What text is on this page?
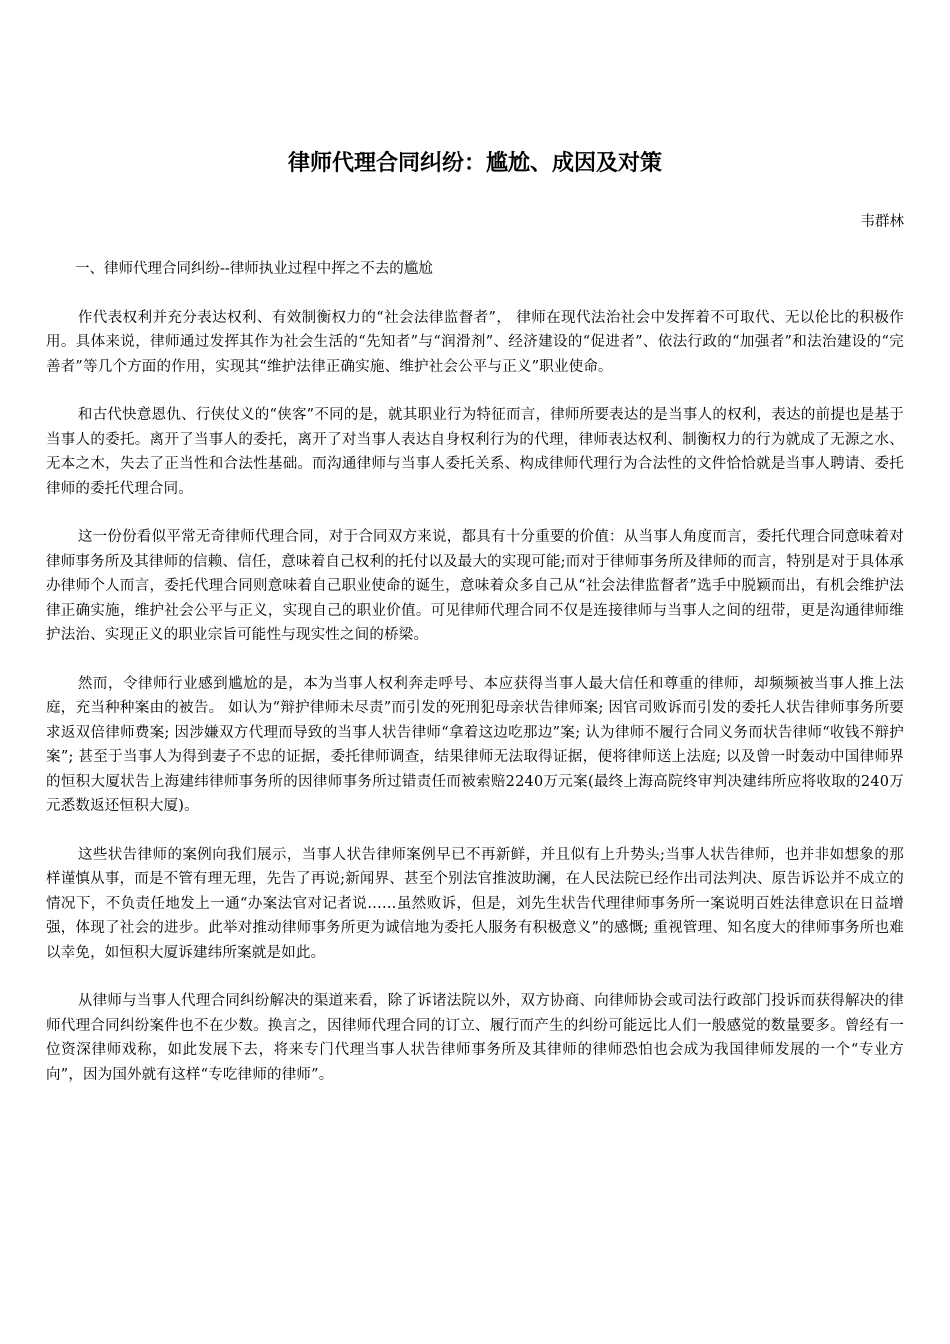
律师代理合同纠纷：尴尬、成因及对策

韦群林

一、律师代理合同纠纷--律师执业过程中挥之不去的尴尬

作代表权利并充分表达权利、有效制衡权力的“社会法律监督者”， 律师在现代法治社会中发挥着不可取代、无以伦比的积极作用。具体来说，律师通过发挥其作为社会生活的“先知者”与“润滑剂”、经济建设的“促进者”、依法行政的“加强者”和法治建设的“完善者”等几个方面的作用，实现其“维护法律正确实施、维护社会公平与正义”职业使命。

和古代快意恩仇、行侠仗义的“侠客”不同的是，就其职业行为特征而言，律师所要表达的是当事人的权利，表达的前提也是基于当事人的委托。离开了当事人的委托，离开了对当事人表达自身权利行为的代理，律师表达权利、制衡权力的行为就成了无源之水、无本之木，失去了正当性和合法性基础。而沟通律师与当事人委托关系、构成律师代理行为合法性的文件恰恰就是当事人聘请、委托律师的委托代理合同。

这一份份看似平常无奇律师代理合同，对于合同双方来说，都具有十分重要的价值：从当事人角度而言，委托代理合同意味着对律师事务所及其律师的信赖、信任，意味着自己权利的托付以及最大的实现可能;而对于律师事务所及律师的而言，特别是对于具体承办律师个人而言，委托代理合同则意味着自己职业使命的诞生，意味着众多自己从“社会法律监督者”选手中脱颖而出，有机会维护法律正确实施，维护社会公平与正义，实现自己的职业价值。可见律师代理合同不仅是连接律师与当事人之间的纽带，更是沟通律师维护法治、实现正义的职业宗旨可能性与现实性之间的桥梁。

然而，令律师行业感到尴尬的是，本为当事人权利奔走呼号、本应获得当事人最大信任和尊重的律师，却频频被当事人推上法庭，充当种种案由的被告。 如认为“辩护律师未尽责”而引发的死刑犯母亲状告律师案; 因官司败诉而引发的委托人状告律师事务所要求返双倍律师费案; 因涉嫌双方代理而导致的当事人状告律师“拿着这边吃那边”案; 认为律师不履行合同义务而状告律师“收钱不辩护案”; 甚至于当事人为得到妻子不忠的证据，委托律师调查，结果律师无法取得证据，便将律师送上法庭; 以及曾一时轰动中国律师界的恒积大厦状告上海建纬律师事务所的因律师事务所过错责任而被索赔2240万元案(最终上海高院终审判决建纬所应将收取的240万元悉数返还恒积大厦)。

这些状告律师的案例向我们展示，当事人状告律师案例早已不再新鲜，并且似有上升势头;当事人状告律师，也并非如想象的那样谨慎从事，而是不管有理无理，先告了再说;新闻界、甚至个别法官推波助澜，在人民法院已经作出司法判决、原告诉讼并不成立的情况下，不负责任地发上一通“办案法官对记者说……虽然败诉，但是，刘先生状告代理律师事务所一案说明百姓法律意识在日益增强，体现了社会的进步。此举对推动律师事务所更为诚信地为委托人服务有积极意义”的感慨; 重视管理、知名度大的律师事务所也难以幸免，如恒积大厦诉建纬所案就是如此。

从律师与当事人代理合同纠纷解决的渠道来看，除了诉诸法院以外，双方协商、向律师协会或司法行政部门投诉而获得解决的律师代理合同纠纷案件也不在少数。换言之，因律师代理合同的订立、履行而产生的纠纷可能远比人们一般感觉的数量要多。曾经有一位资深律师戏称，如此发展下去，将来专门代理当事人状告律师事务所及其律师的律师恐怕也会成为我国律师发展的一个“专业方向”，因为国外就有这样“专吃律师的律师”。
